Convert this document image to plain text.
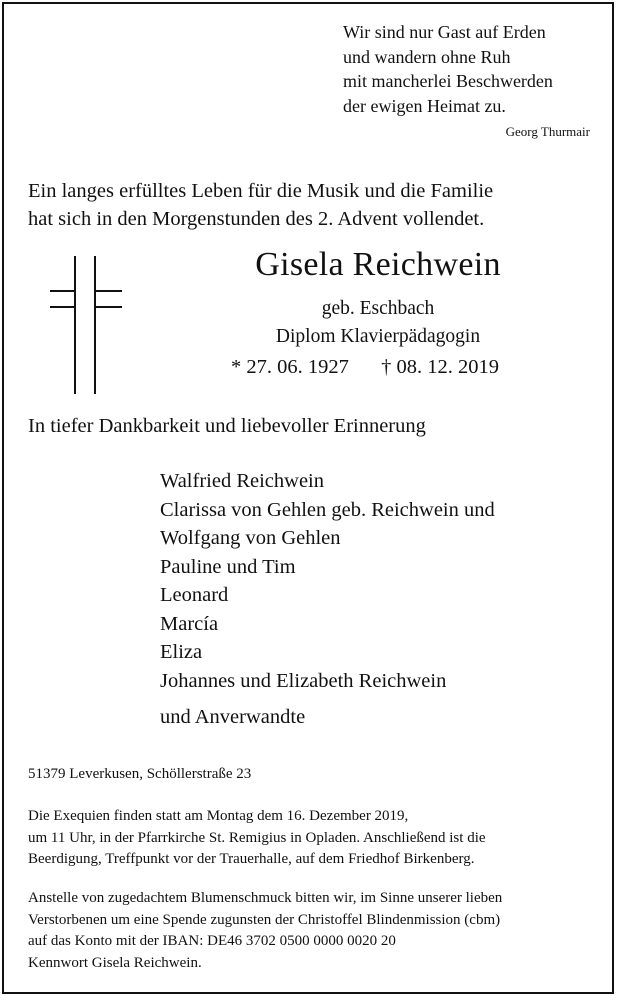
Wir sind nur Gast auf Erden
und wandern ohne Ruh
mit mancherlei Beschwerden
der ewigen Heimat zu.
Georg Thurmair
Ein langes erfülltes Leben für die Musik und die Familie
hat sich in den Morgenstunden des 2. Advent vollendet.
Gisela Reichwein
geb. Eschbach
Diplom Klavierpädagogin
* 27. 06. 1927 † 08. 12. 2019
In tiefer Dankbarkeit und liebevoller Erinnerung
Walfried Reichwein
Clarissa von Gehlen geb. Reichwein und
Wolfgang von Gehlen
Pauline und Tim
Leonard
Marcía
Eliza
Johannes und Elizabeth Reichwein
und Anverwandte
51379 Leverkusen, Schöllerstraße 23
Die Exequien finden statt am Montag dem 16. Dezember 2019,
um 11 Uhr, in der Pfarrkirche St. Remigius in Opladen. Anschließend ist die
Beerdigung, Treffpunkt vor der Trauerhalle, auf dem Friedhof Birkenberg.
Anstelle von zugedachtem Blumenschmuck bitten wir, im Sinne unserer lieben
Verstorbenen um eine Spende zugunsten der Christoffel Blindenmission (cbm)
auf das Konto mit der IBAN: DE46 3702 0500 0000 0020 20
Kennwort Gisela Reichwein.
